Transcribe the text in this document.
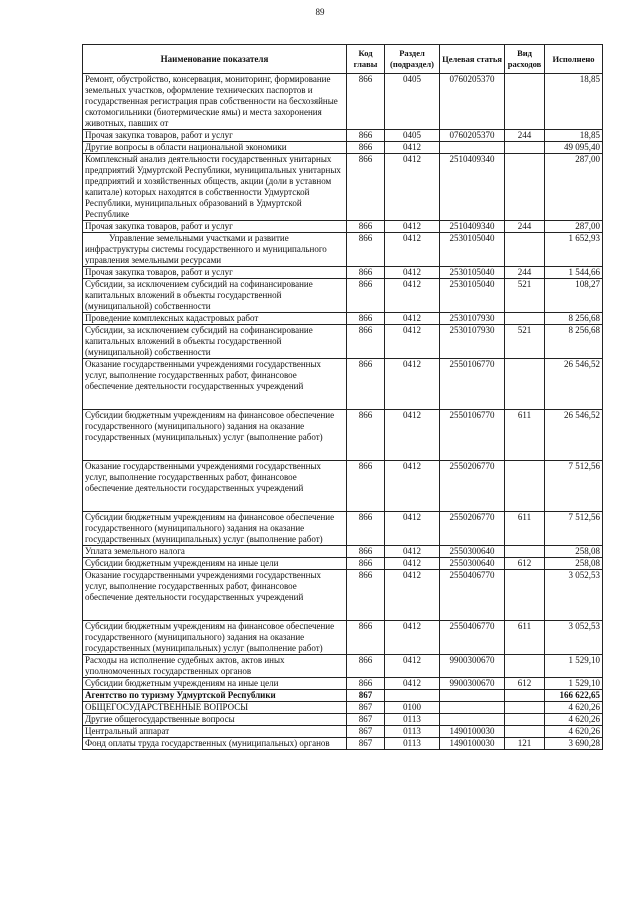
89
Наименование показателя	Код главы	Раздел (подраздел)	Целевая статья	Вид расходов	Исполнено
Ремонт, обустройство, консервация, мониторинг, формирование земельных участков, оформление технических паспортов и государственная регистрация прав собственности на бесхозяйные скотомогильники (биотермические ямы) и места захоронения животных, павших от	866	0405	0760205370		18,85
Прочая закупка товаров, работ и услуг	866	0405	0760205370	244	18,85
Другие вопросы в области национальной экономики	866	0412			49 095,40
Комплексный анализ деятельности государственных унитарных предприятий Удмуртской Республики, муниципальных унитарных предприятий и хозяйственных обществ, акции (доли в уставном капитале) которых находятся в собственности Удмуртской Республики, муниципальных образований в Удмуртской Республике	866	0412	2510409340		287,00
Прочая закупка товаров, работ и услуг	866	0412	2510409340	244	287,00
Управление земельными участками и развитие инфраструктуры системы государственного и муниципального управления земельными ресурсами	866	0412	2530105040		1 652,93
Прочая закупка товаров, работ и услуг	866	0412	2530105040	244	1 544,66
Субсидии, за исключением субсидий на софинансирование капитальных вложений в объекты государственной (муниципальной) собственности	866	0412	2530105040	521	108,27
Проведение комплексных кадастровых работ	866	0412	2530107930		8 256,68
Субсидии, за исключением субсидий на софинансирование капитальных вложений в объекты государственной (муниципальной) собственности	866	0412	2530107930	521	8 256,68
Оказание государственными учреждениями государственных услуг, выполнение государственных работ, финансовое обеспечение деятельности государственных учреждений	866	0412	2550106770		26 546,52
Субсидии бюджетным учреждениям на финансовое обеспечение государственного (муниципального) задания на оказание государственных (муниципальных) услуг (выполнение работ)	866	0412	2550106770	611	26 546,52
Оказание государственными учреждениями государственных услуг, выполнение государственных работ, финансовое обеспечение деятельности государственных учреждений	866	0412	2550206770		7 512,56
Субсидии бюджетным учреждениям на финансовое обеспечение государственного (муниципального) задания на оказание государственных (муниципальных) услуг (выполнение работ)	866	0412	2550206770	611	7 512,56
Уплата земельного налога	866	0412	2550300640		258,08
Субсидии бюджетным учреждениям на иные цели	866	0412	2550300640	612	258,08
Оказание государственными учреждениями государственных услуг, выполнение государственных работ, финансовое обеспечение деятельности государственных учреждений	866	0412	2550406770		3 052,53
Субсидии бюджетным учреждениям на финансовое обеспечение государственного (муниципального) задания на оказание государственных (муниципальных) услуг (выполнение работ)	866	0412	2550406770	611	3 052,53
Расходы на исполнение судебных актов, актов иных уполномоченных государственных органов	866	0412	9900300670		1 529,10
Субсидии бюджетным учреждениям на иные цели	866	0412	9900300670	612	1 529,10
Агентство по туризму Удмуртской Республики	867				166 622,65
ОБЩЕГОСУДАРСТВЕННЫЕ ВОПРОСЫ	867	0100			4 620,26
Другие общегосударственные вопросы	867	0113			4 620,26
Центральный аппарат	867	0113	1490100030		4 620,26
Фонд оплаты труда государственных (муниципальных) органов	867	0113	1490100030	121	3 690,28
